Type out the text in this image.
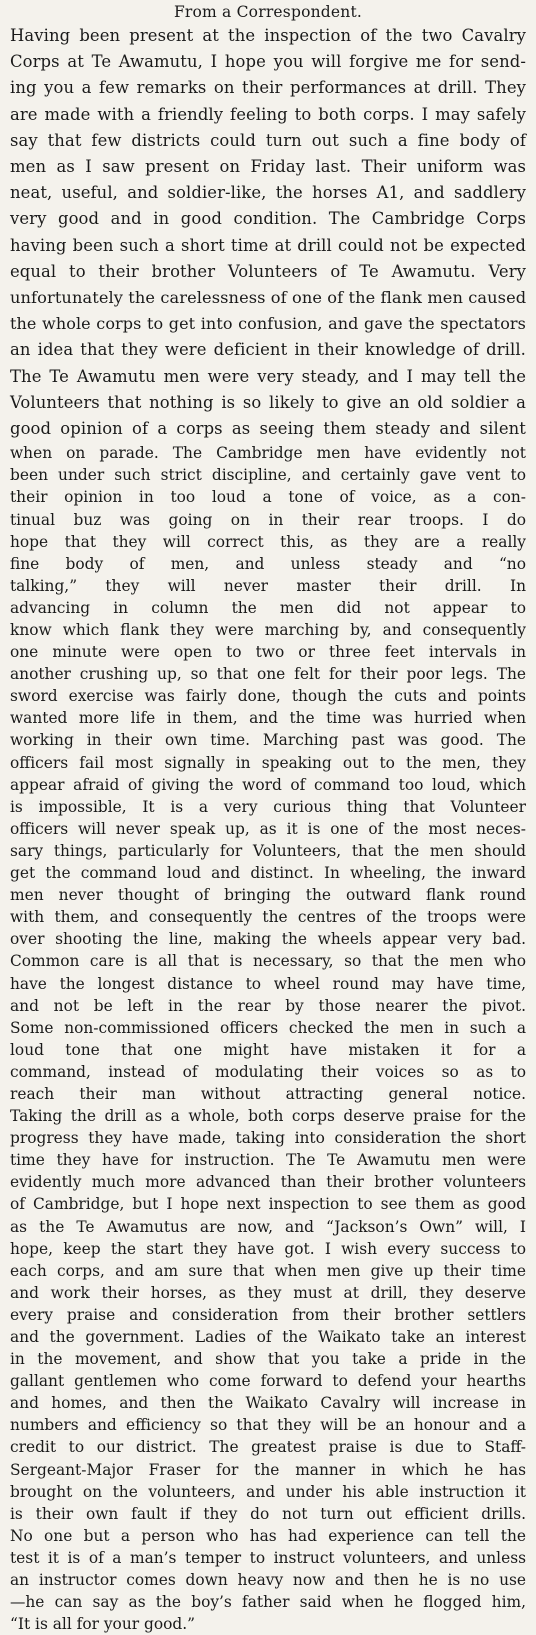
From a Correspondent.
Having been present at the inspection of the two Cavalry
Corps at Te Awamutu, I hope you will forgive me for send-
ing you a few remarks on their performances at drill. They
are made with a friendly feeling to both corps. I may safely
say that few districts could turn out such a fine body of
men as I saw present on Friday last. Their uniform was
neat, useful, and soldier-like, the horses A1, and saddlery
very good and in good condition. The Cambridge Corps
having been such a short time at drill could not be expected
equal to their brother Volunteers of Te Awamutu. Very
unfortunately the carelessness of one of the flank men caused
the whole corps to get into confusion, and gave the spectators
an idea that they were deficient in their knowledge of drill.
The Te Awamutu men were very steady, and I may tell the
Volunteers that nothing is so likely to give an old soldier a
good opinion of a corps as seeing them steady and silent
when on parade. The Cambridge men have evidently not
been under such strict discipline, and certainly gave vent to
their opinion in too loud a tone of voice, as a con-
tinual buz was going on in their rear troops. I do
hope that they will correct this, as they are a really
fine body of men, and unless steady and “no
talking,” they will never master their drill. In
advancing in column the men did not appear to
know which flank they were marching by, and consequently
one minute were open to two or three feet intervals in
another crushing up, so that one felt for their poor legs. The
sword exercise was fairly done, though the cuts and points
wanted more life in them, and the time was hurried when
working in their own time. Marching past was good. The
officers fail most signally in speaking out to the men, they
appear afraid of giving the word of command too loud, which
is impossible, It is a very curious thing that Volunteer
officers will never speak up, as it is one of the most neces-
sary things, particularly for Volunteers, that the men should
get the command loud and distinct. In wheeling, the inward
men never thought of bringing the outward flank round
with them, and consequently the centres of the troops were
over shooting the line, making the wheels appear very bad.
Common care is all that is necessary, so that the men who
have the longest distance to wheel round may have time,
and not be left in the rear by those nearer the pivot.
Some non-commissioned officers checked the men in such a
loud tone that one might have mistaken it for a
command, instead of modulating their voices so as to
reach their man without attracting general notice.
Taking the drill as a whole, both corps deserve praise for the
progress they have made, taking into consideration the short
time they have for instruction. The Te Awamutu men were
evidently much more advanced than their brother volunteers
of Cambridge, but I hope next inspection to see them as good
as the Te Awamutus are now, and “Jackson’s Own” will, I
hope, keep the start they have got. I wish every success to
each corps, and am sure that when men give up their time
and work their horses, as they must at drill, they deserve
every praise and consideration from their brother settlers
and the government. Ladies of the Waikato take an interest
in the movement, and show that you take a pride in the
gallant gentlemen who come forward to defend your hearths
and homes, and then the Waikato Cavalry will increase in
numbers and efficiency so that they will be an honour and a
credit to our district. The greatest praise is due to Staff-
Sergeant-Major Fraser for the manner in which he has
brought on the volunteers, and under his able instruction it
is their own fault if they do not turn out efficient drills.
No one but a person who has had experience can tell the
test it is of a man’s temper to instruct volunteers, and unless
an instructor comes down heavy now and then he is no use
—he can say as the boy’s father said when he flogged him,
“It is all for your good.”
